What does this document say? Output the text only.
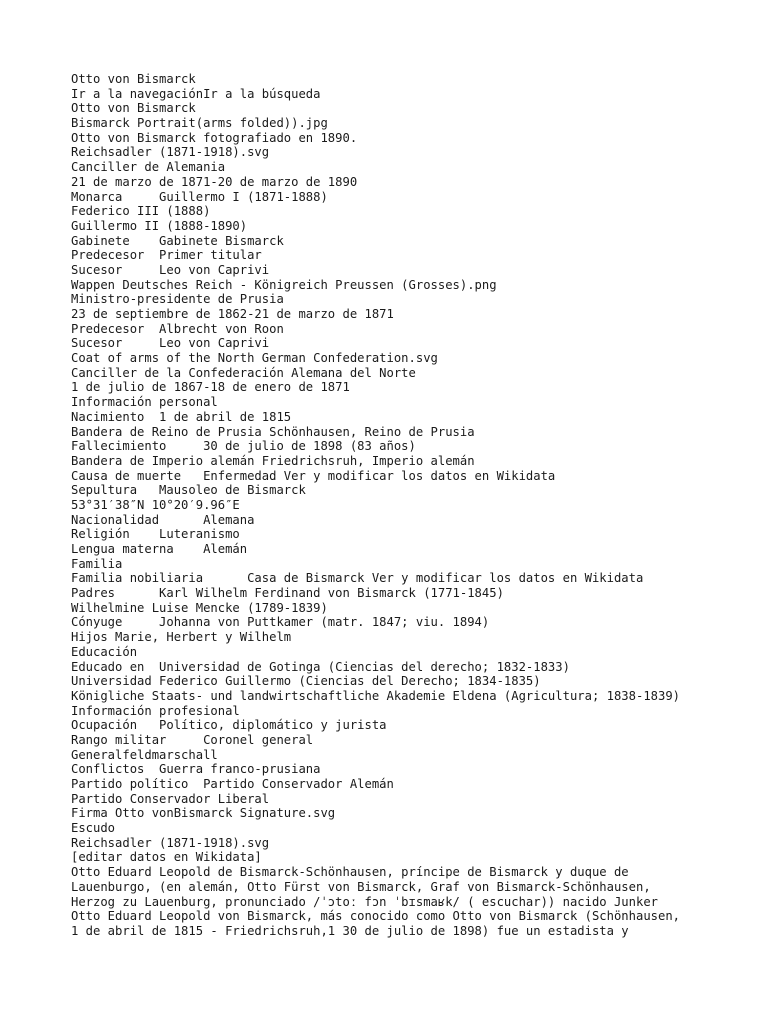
Otto von Bismarck
Ir a la navegaciónIr a la búsqueda
Otto von Bismarck
Bismarck Portrait(arms folded)).jpg
Otto von Bismarck fotografiado en 1890.
Reichsadler (1871-1918).svg
Canciller de Alemania
21 de marzo de 1871-20 de marzo de 1890
Monarca     Guillermo I (1871-1888)
Federico III (1888)
Guillermo II (1888-1890)
Gabinete    Gabinete Bismarck
Predecesor  Primer titular
Sucesor     Leo von Caprivi
Wappen Deutsches Reich - Königreich Preussen (Grosses).png
Ministro-presidente de Prusia
23 de septiembre de 1862-21 de marzo de 1871
Predecesor  Albrecht von Roon
Sucesor     Leo von Caprivi
Coat of arms of the North German Confederation.svg
Canciller de la Confederación Alemana del Norte
1 de julio de 1867-18 de enero de 1871
Información personal
Nacimiento  1 de abril de 1815
Bandera de Reino de Prusia Schönhausen, Reino de Prusia
Fallecimiento     30 de julio de 1898 (83 años)
Bandera de Imperio alemán Friedrichsruh, Imperio alemán
Causa de muerte   Enfermedad Ver y modificar los datos en Wikidata
Sepultura   Mausoleo de Bismarck
53°31′38″N 10°20′9.96″E
Nacionalidad      Alemana
Religión    Luteranismo
Lengua materna    Alemán
Familia
Familia nobiliaria      Casa de Bismarck Ver y modificar los datos en Wikidata
Padres      Karl Wilhelm Ferdinand von Bismarck (1771-1845)
Wilhelmine Luise Mencke (1789-1839)
Cónyuge     Johanna von Puttkamer (matr. 1847; viu. 1894)
Hijos Marie, Herbert y Wilhelm
Educación
Educado en  Universidad de Gotinga (Ciencias del derecho; 1832-1833)
Universidad Federico Guillermo (Ciencias del Derecho; 1834-1835)
Königliche Staats- und landwirtschaftliche Akademie Eldena (Agricultura; 1838-1839)
Información profesional
Ocupación   Político, diplomático y jurista
Rango militar     Coronel general
Generalfeldmarschall
Conflictos  Guerra franco-prusiana
Partido político  Partido Conservador Alemán
Partido Conservador Liberal
Firma Otto vonBismarck Signature.svg
Escudo
Reichsadler (1871-1918).svg
[editar datos en Wikidata]
Otto Eduard Leopold de Bismarck-Schönhausen, príncipe de Bismarck y duque de
Lauenburgo, (en alemán, Otto Fürst von Bismarck, Graf von Bismarck-Schönhausen,
Herzog zu Lauenburg, pronunciado /ˈɔtoː fɔn ˈbɪsmaʁk/ ( escuchar)) nacido Junker
Otto Eduard Leopold von Bismarck, más conocido como Otto von Bismarck (Schönhausen,
1 de abril de 1815 - Friedrichsruh,1 30 de julio de 1898) fue un estadista y
